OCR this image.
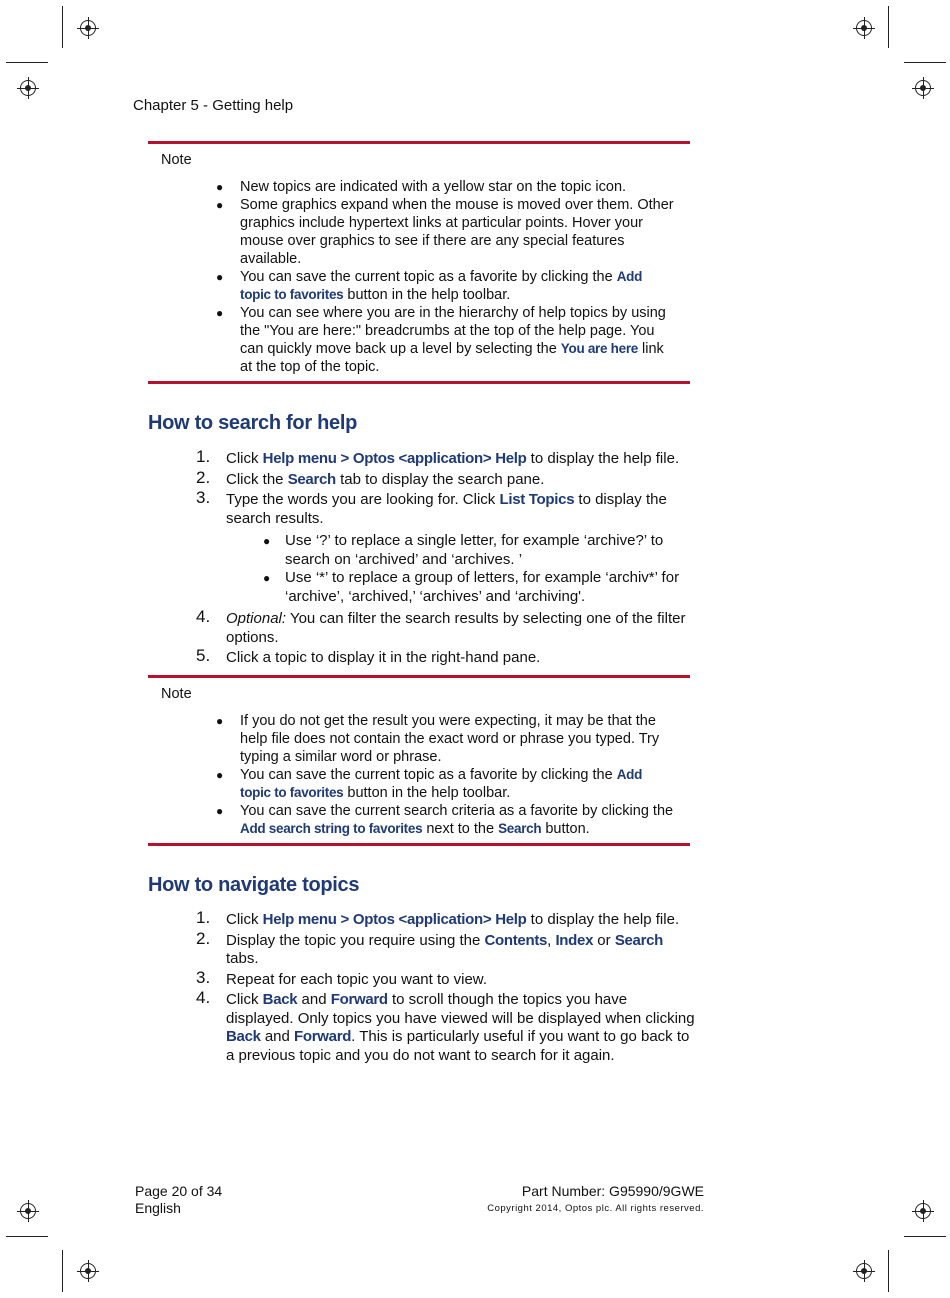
Chapter 5 - Getting help
Note
● New topics are indicated with a yellow star on the topic icon.
● Some graphics expand when the mouse is moved over them. Other graphics include hypertext links at particular points. Hover your mouse over graphics to see if there are any special features available.
● You can save the current topic as a favorite by clicking the Add topic to favorites button in the help toolbar.
● You can see where you are in the hierarchy of help topics by using the "You are here:" breadcrumbs at the top of the help page. You can quickly move back up a level by selecting the You are here link at the top of the topic.
How to search for help
1. Click Help menu > Optos <application> Help to display the help file.
2. Click the Search tab to display the search pane.
3. Type the words you are looking for. Click List Topics to display the search results.
● Use ‘?’ to replace a single letter, for example ‘archive?’ to search on ‘archived’ and ‘archives. ’
● Use ‘*’ to replace a group of letters, for example ‘archiv*’ for ‘archive’, ‘archived,’ ‘archives’ and ‘archiving'.
4. Optional: You can filter the search results by selecting one of the filter options.
5. Click a topic to display it in the right-hand pane.
Note
● If you do not get the result you were expecting, it may be that the help file does not contain the exact word or phrase you typed. Try typing a similar word or phrase.
● You can save the current topic as a favorite by clicking the Add topic to favorites button in the help toolbar.
● You can save the current search criteria as a favorite by clicking the Add search string to favorites next to the Search button.
How to navigate topics
1. Click Help menu > Optos <application> Help to display the help file.
2. Display the topic you require using the Contents, Index or Search tabs.
3. Repeat for each topic you want to view.
4. Click Back and Forward to scroll though the topics you have displayed. Only topics you have viewed will be displayed when clicking Back and Forward. This is particularly useful if you want to go back to a previous topic and you do not want to search for it again.
Page 20 of 34
English
Part Number: G95990/9GWE
Copyright 2014, Optos plc. All rights reserved.
